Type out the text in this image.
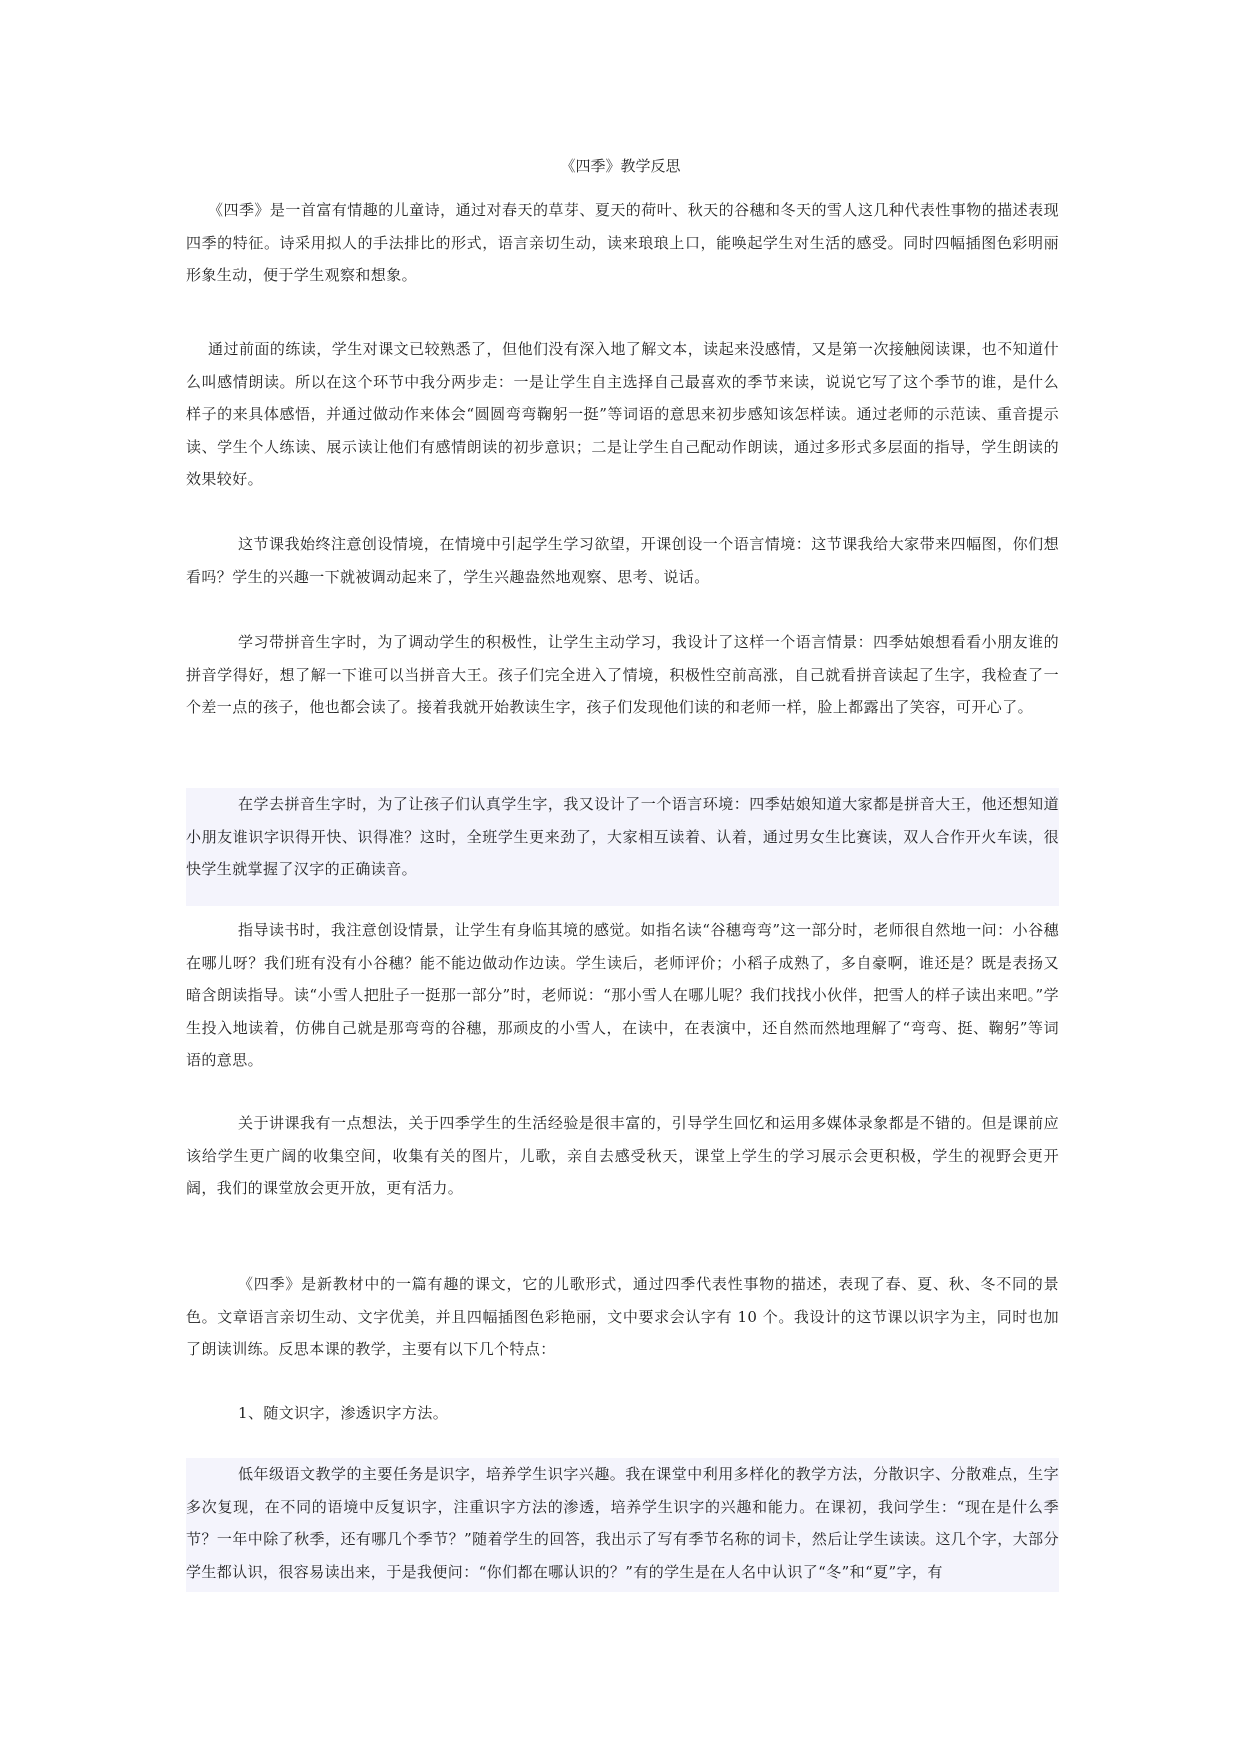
《四季》教学反思

《四季》是一首富有情趣的儿童诗，通过对春天的草芽、夏天的荷叶、秋天的谷穗和冬天的雪人这几种代表性事物的描述表现四季的特征。诗采用拟人的手法排比的形式，语言亲切生动，读来琅琅上口，能唤起学生对生活的感受。同时四幅插图色彩明丽形象生动，便于学生观察和想象。

通过前面的练读，学生对课文已较熟悉了，但他们没有深入地了解文本，读起来没感情，又是第一次接触阅读课，也不知道什么叫感情朗读。所以在这个环节中我分两步走：一是让学生自主选择自己最喜欢的季节来读，说说它写了这个季节的谁，是什么样子的来具体感悟，并通过做动作来体会“圆圆弯弯鞠躬一挺”等词语的意思来初步感知该怎样读。通过老师的示范读、重音提示读、学生个人练读、展示读让他们有感情朗读的初步意识；二是让学生自己配动作朗读，通过多形式多层面的指导，学生朗读的效果较好。

这节课我始终注意创设情境，在情境中引起学生学习欲望，开课创设一个语言情境：这节课我给大家带来四幅图，你们想看吗？学生的兴趣一下就被调动起来了，学生兴趣盎然地观察、思考、说话。

学习带拼音生字时，为了调动学生的积极性，让学生主动学习，我设计了这样一个语言情景：四季姑娘想看看小朋友谁的拼音学得好，想了解一下谁可以当拼音大王。孩子们完全进入了情境，积极性空前高涨，自己就看拼音读起了生字，我检查了一个差一点的孩子，他也都会读了。接着我就开始教读生字，孩子们发现他们读的和老师一样，脸上都露出了笑容，可开心了。

在学去拼音生字时，为了让孩子们认真学生字，我又设计了一个语言环境：四季姑娘知道大家都是拼音大王，他还想知道小朋友谁识字识得开快、识得准？这时，全班学生更来劲了，大家相互读着、认着，通过男女生比赛读，双人合作开火车读，很快学生就掌握了汉字的正确读音。

指导读书时，我注意创设情景，让学生有身临其境的感觉。如指名读“谷穗弯弯”这一部分时，老师很自然地一问：小谷穗在哪儿呀？我们班有没有小谷穗？能不能边做动作边读。学生读后，老师评价；小稻子成熟了，多自豪啊，谁还是？既是表扬又暗含朗读指导。读“小雪人把肚子一挺那一部分”时，老师说：“那小雪人在哪儿呢？我们找找小伙伴，把雪人的样子读出来吧。”学生投入地读着，仿佛自己就是那弯弯的谷穗，那顽皮的小雪人，在读中，在表演中，还自然而然地理解了“弯弯、挺、鞠躬”等词语的意思。

关于讲课我有一点想法，关于四季学生的生活经验是很丰富的，引导学生回忆和运用多媒体录象都是不错的。但是课前应该给学生更广阔的收集空间，收集有关的图片，儿歌，亲自去感受秋天，课堂上学生的学习展示会更积极，学生的视野会更开阔，我们的课堂放会更开放，更有活力。

《四季》是新教材中的一篇有趣的课文，它的儿歌形式，通过四季代表性事物的描述，表现了春、夏、秋、冬不同的景色。文章语言亲切生动、文字优美，并且四幅插图色彩艳丽，文中要求会认字有 10 个。我设计的这节课以识字为主，同时也加了朗读训练。反思本课的教学，主要有以下几个特点：

1、随文识字，渗透识字方法。

低年级语文教学的主要任务是识字，培养学生识字兴趣。我在课堂中利用多样化的教学方法，分散识字、分散难点，生字多次复现，在不同的语境中反复识字，注重识字方法的渗透，培养学生识字的兴趣和能力。在课初，我问学生：“现在是什么季节？一年中除了秋季，还有哪几个季节？”随着学生的回答，我出示了写有季节名称的词卡，然后让学生读读。这几个字，大部分学生都认识，很容易读出来，于是我便问：“你们都在哪认识的？”有的学生是在人名中认识了“冬”和“夏”字，有
